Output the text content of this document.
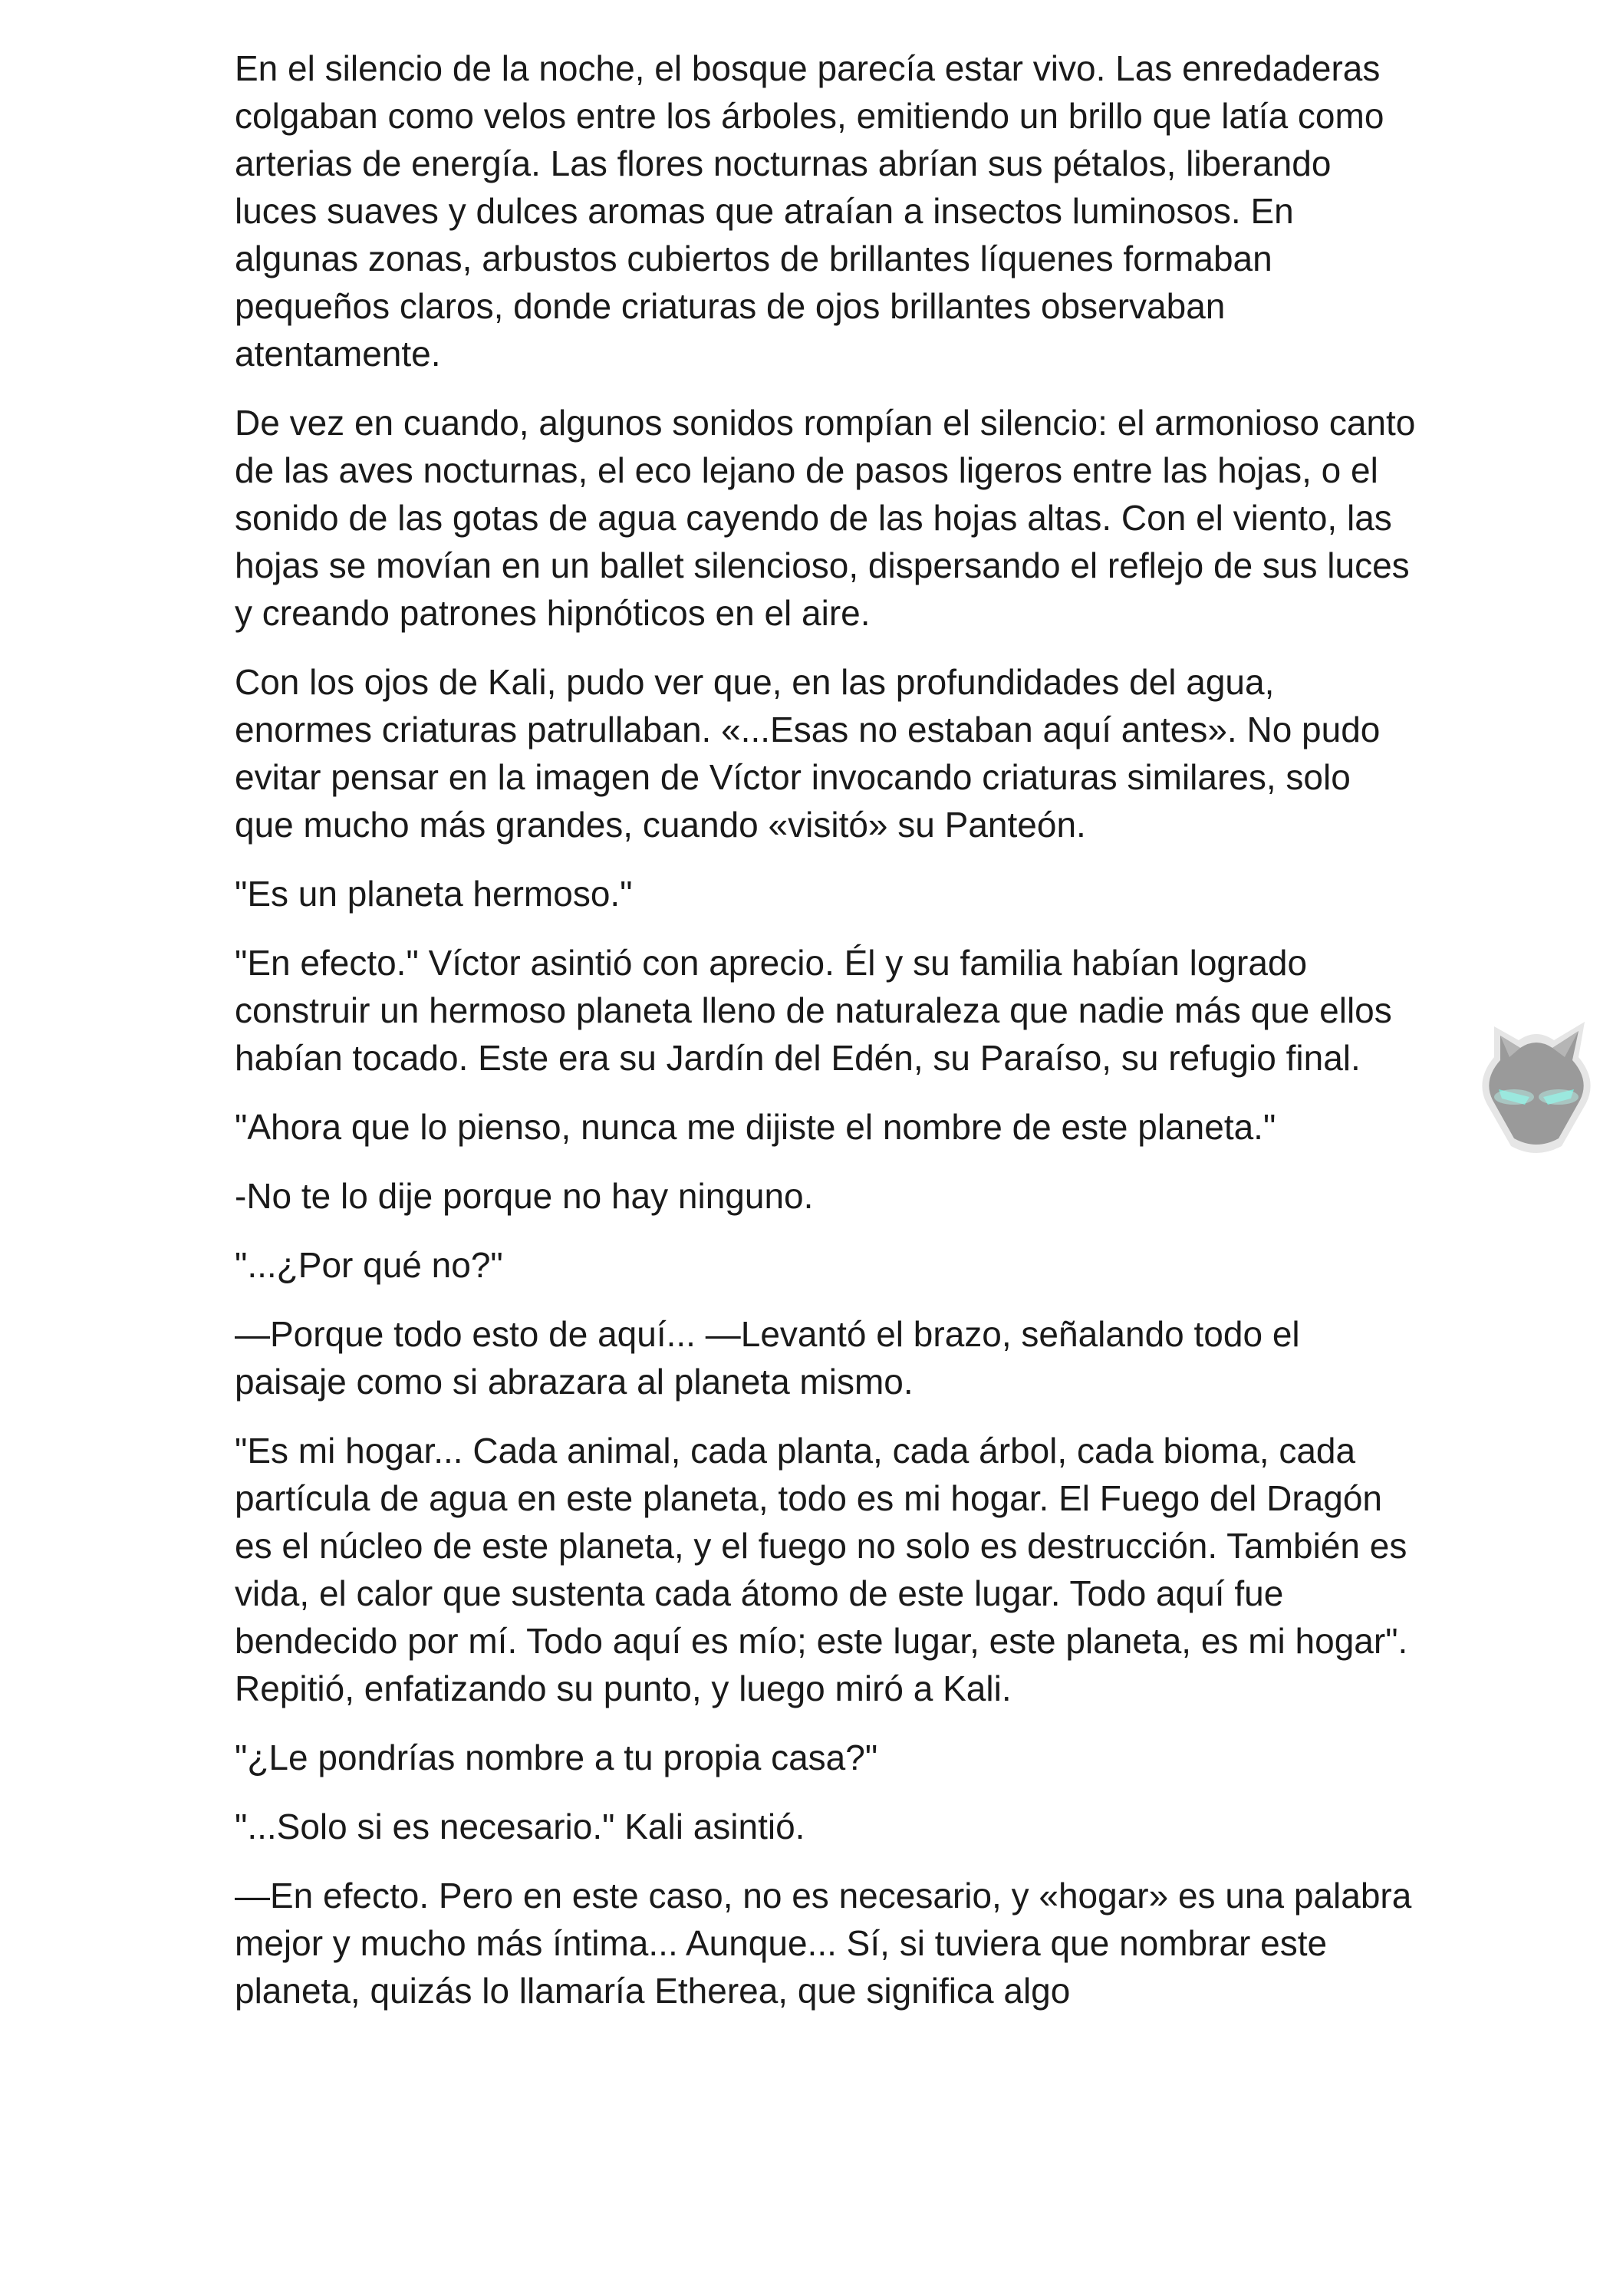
En el silencio de la noche, el bosque parecía estar vivo. Las enredaderas colgaban como velos entre los árboles, emitiendo un brillo que latía como arterias de energía. Las flores nocturnas abrían sus pétalos, liberando luces suaves y dulces aromas que atraían a insectos luminosos. En algunas zonas, arbustos cubiertos de brillantes líquenes formaban pequeños claros, donde criaturas de ojos brillantes observaban atentamente.

De vez en cuando, algunos sonidos rompían el silencio: el armonioso canto de las aves nocturnas, el eco lejano de pasos ligeros entre las hojas, o el sonido de las gotas de agua cayendo de las hojas altas. Con el viento, las hojas se movían en un ballet silencioso, dispersando el reflejo de sus luces y creando patrones hipnóticos en el aire.

Con los ojos de Kali, pudo ver que, en las profundidades del agua, enormes criaturas patrullaban. «...Esas no estaban aquí antes». No pudo evitar pensar en la imagen de Víctor invocando criaturas similares, solo que mucho más grandes, cuando «visitó» su Panteón.

"Es un planeta hermoso."

"En efecto." Víctor asintió con aprecio. Él y su familia habían logrado construir un hermoso planeta lleno de naturaleza que nadie más que ellos habían tocado. Este era su Jardín del Edén, su Paraíso, su refugio final.

"Ahora que lo pienso, nunca me dijiste el nombre de este planeta."

-No te lo dije porque no hay ninguno.

"...¿Por qué no?"

—Porque todo esto de aquí... —Levantó el brazo, señalando todo el paisaje como si abrazara al planeta mismo.

"Es mi hogar... Cada animal, cada planta, cada árbol, cada bioma, cada partícula de agua en este planeta, todo es mi hogar. El Fuego del Dragón es el núcleo de este planeta, y el fuego no solo es destrucción. También es vida, el calor que sustenta cada átomo de este lugar. Todo aquí fue bendecido por mí. Todo aquí es mío; este lugar, este planeta, es mi hogar". Repitió, enfatizando su punto, y luego miró a Kali.

"¿Le pondrías nombre a tu propia casa?"

"...Solo si es necesario." Kali asintió.

—En efecto. Pero en este caso, no es necesario, y «hogar» es una palabra mejor y mucho más íntima... Aunque... Sí, si tuviera que nombrar este planeta, quizás lo llamaría Etherea, que significa algo
